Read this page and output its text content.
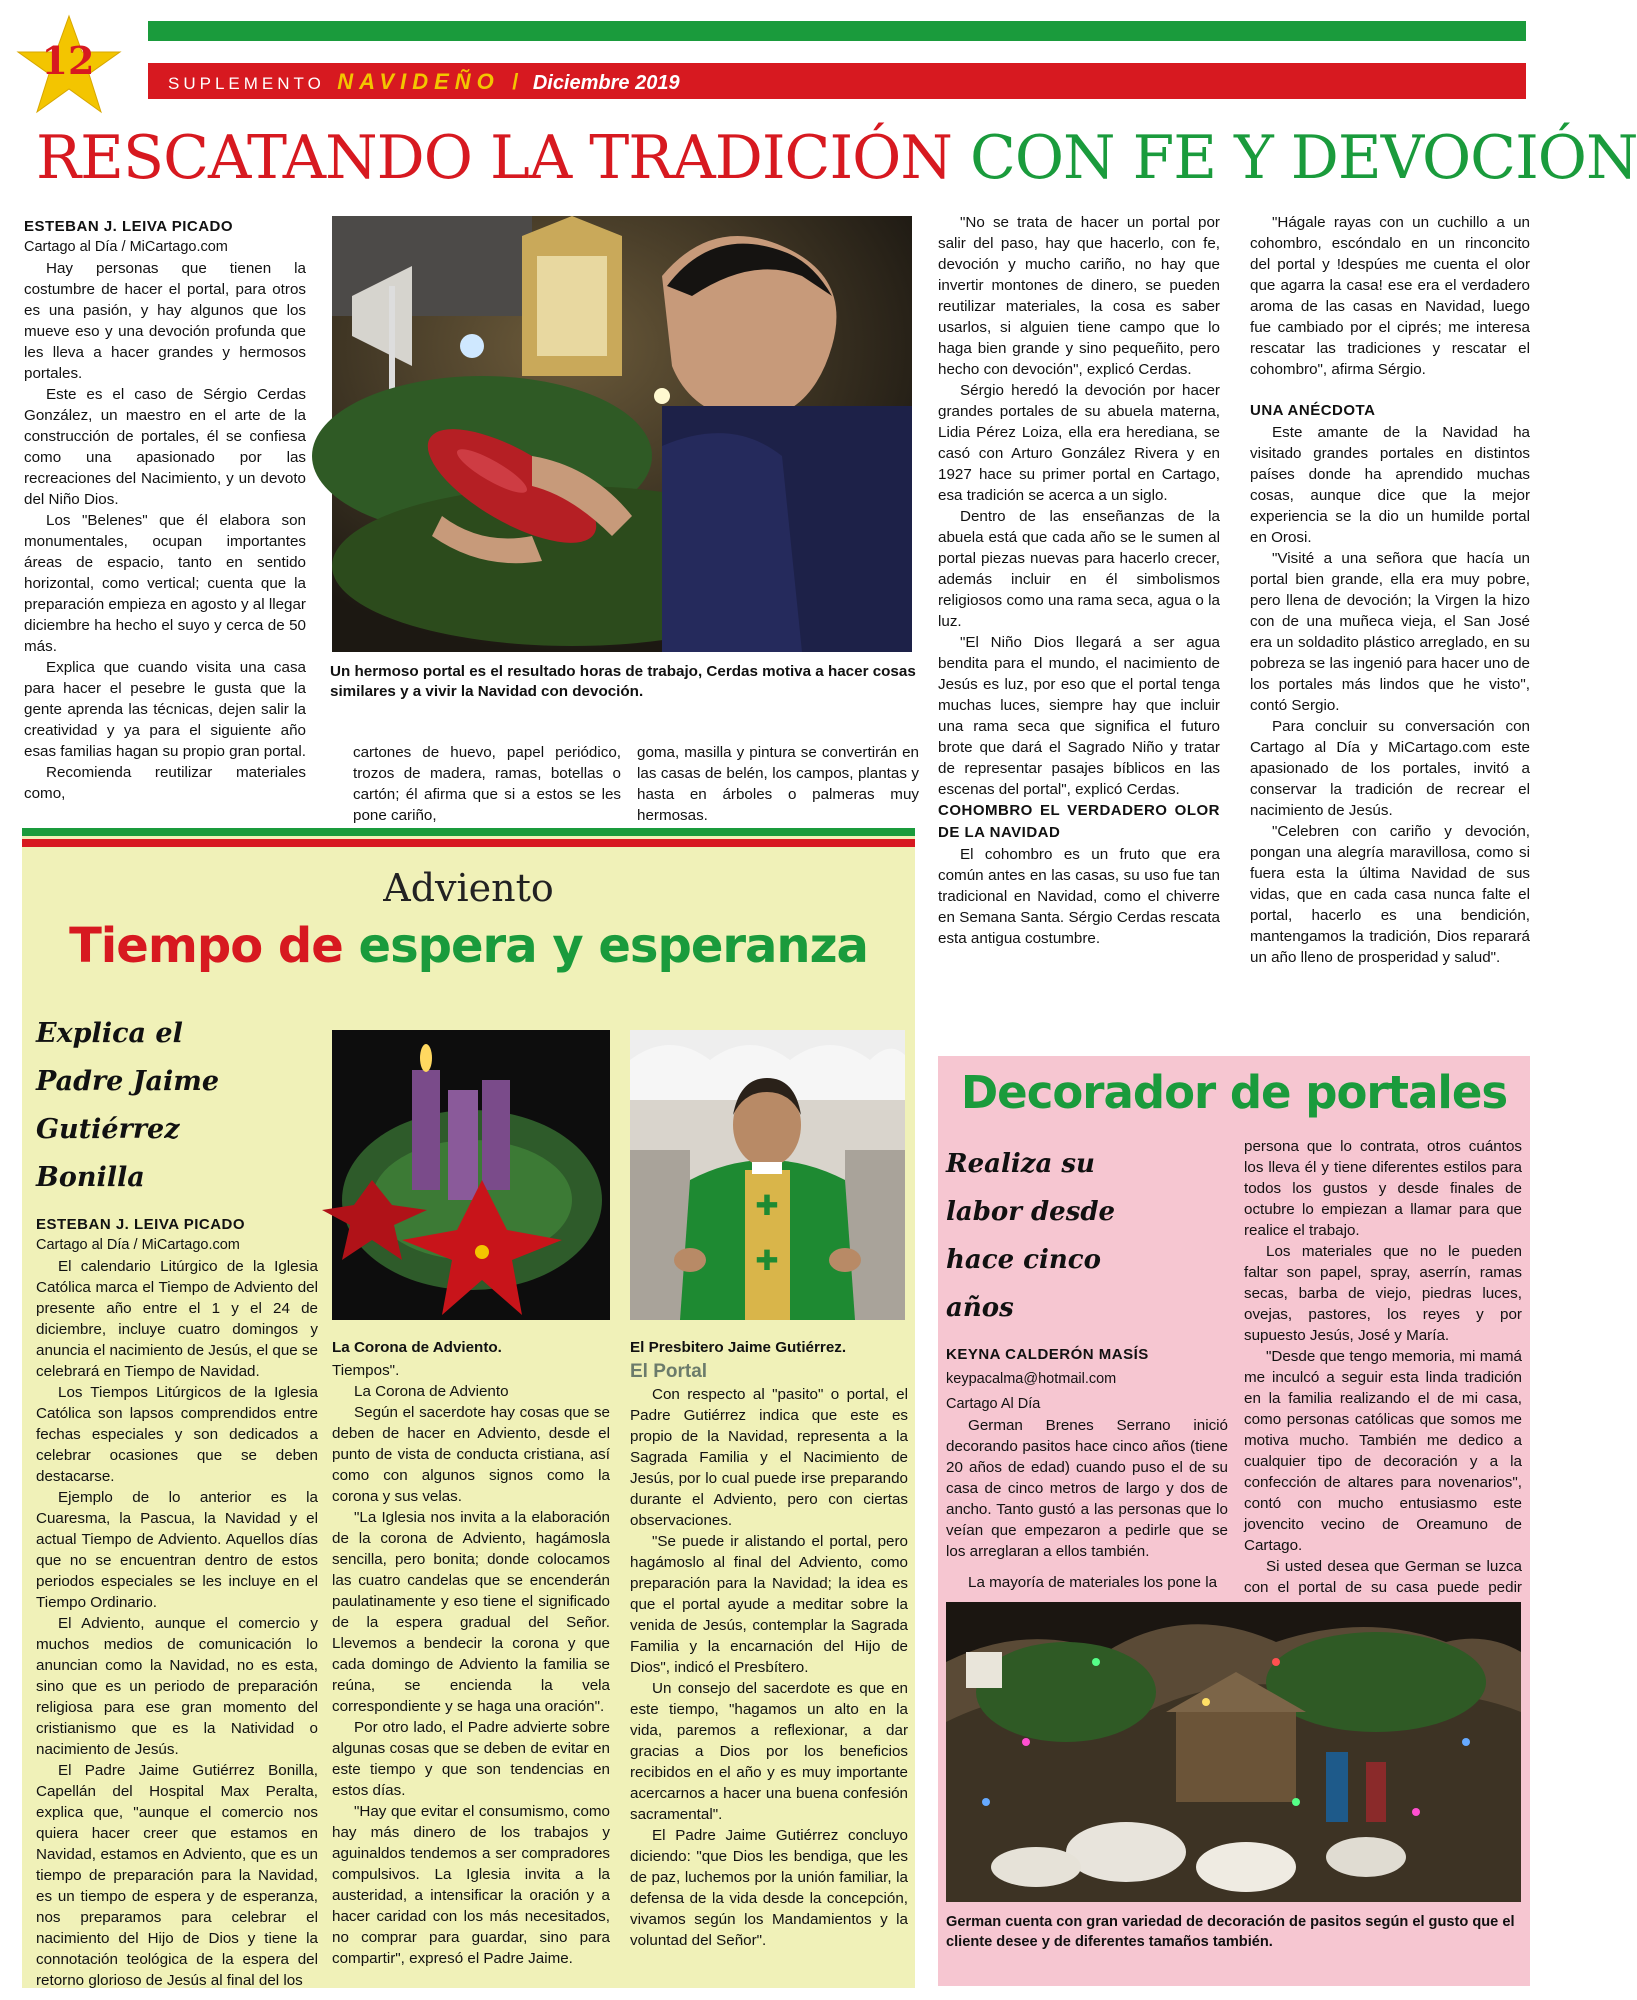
12
SUPLEMENTO NAVIDEÑO / Diciembre 2019
RESCATANDO LA TRADICIÓN CON FE Y DEVOCIÓN

ESTEBAN J. LEIVA PICADO

Cartago al Día / MiCartago.com

Hay personas que tienen la costumbre de hacer el portal, para otros es una pasión, y hay algunos que los mueve eso y una devoción profunda que les lleva a hacer grandes y hermosos portales.

Este es el caso de Sérgio Cerdas González, un maestro en el arte de la construcción de portales, él se confiesa como una apasionado por las recreaciones del Nacimiento, y un devoto del Niño Dios.

Los "Belenes" que él elabora son monumentales, ocupan importantes áreas de espacio, tanto en sentido horizontal, como vertical; cuenta que la preparación empieza en agosto y al llegar diciembre ha hecho el suyo y cerca de 50 más.

Explica que cuando visita una casa para hacer el pesebre le gusta que la gente aprenda las técnicas, dejen salir la creatividad y ya para el siguiente año esas familias hagan su propio gran portal.

Recomienda reutilizar materiales como,

Un hermoso portal es el resultado horas de trabajo, Cerdas motiva a hacer cosas similares y a vivir la Navidad con devoción.

cartones de huevo, papel periódico, trozos de madera, ramas, botellas o cartón; él afirma que si a estos se les pone cariño,

goma, masilla y pintura se convertirán en las casas de belén, los campos, plantas y hasta en árboles o palmeras muy hermosas.

"No se trata de hacer un portal por salir del paso, hay que hacerlo, con fe, devoción y mucho cariño, no hay que invertir montones de dinero, se pueden reutilizar materiales, la cosa es saber usarlos, si alguien tiene campo que lo haga bien grande y sino pequeñito, pero hecho con devoción", explicó Cerdas.

Sérgio heredó la devoción por hacer grandes portales de su abuela materna, Lidia Pérez Loiza, ella era herediana, se casó con Arturo González Rivera y en 1927 hace su primer portal en Cartago, esa tradición se acerca a un siglo.

Dentro de las enseñanzas de la abuela está que cada año se le sumen al portal piezas nuevas para hacerlo crecer, además incluir en él simbolismos religiosos como una rama seca, agua o la luz.

"El Niño Dios llegará a ser agua bendita para el mundo, el nacimiento de Jesús es luz, por eso que el portal tenga muchas luces, siempre hay que incluir una rama seca que significa el futuro brote que dará el Sagrado Niño y tratar de representar pasajes bíblicos en las escenas del portal", explicó Cerdas.

COHOMBRO EL VERDADERO OLOR DE LA NAVIDAD

El cohombro es un fruto que era común antes en las casas, su uso fue tan tradicional en Navidad, como el chiverre en Semana Santa. Sérgio Cerdas rescata esta antigua costumbre.

"Hágale rayas con un cuchillo a un cohombro, escóndalo en un rinconcito del portal y !despúes me cuenta el olor que agarra la casa! ese era el verdadero aroma de las casas en Navidad, luego fue cambiado por el ciprés; me interesa rescatar las tradiciones y rescatar el cohombro", afirma Sérgio.

UNA ANÉCDOTA

Este amante de la Navidad ha visitado grandes portales en distintos países donde ha aprendido muchas cosas, aunque dice que la mejor experiencia se la dio un humilde portal en Orosi.

"Visité a una señora que hacía un portal bien grande, ella era muy pobre, pero llena de devoción; la Virgen la hizo con de una muñeca vieja, el San José era un soldadito plástico arreglado, en su pobreza se las ingenió para hacer uno de los portales más lindos que he visto", contó Sergio.

Para concluir su conversación con Cartago al Día y MiCartago.com este apasionado de los portales, invitó a conservar la tradición de recrear el nacimiento de Jesús.

"Celebren con cariño y devoción, pongan una alegría maravillosa, como si fuera esta la última Navidad de sus vidas, que en cada casa nunca falte el portal, hacerlo es una bendición, mantengamos la tradición, Dios reparará un año lleno de prosperidad y salud".

Adviento
Tiempo de espera y esperanza

Explica el Padre Jaime Gutiérrez Bonilla

ESTEBAN J. LEIVA PICADO

Cartago al Día / MiCartago.com

El calendario Litúrgico de la Iglesia Católica marca el Tiempo de Adviento del presente año entre el 1 y el 24 de diciembre, incluye cuatro domingos y anuncia el nacimiento de Jesús, el que se celebrará en Tiempo de Navidad.

Los Tiempos Litúrgicos de la Iglesia Católica son lapsos comprendidos entre fechas especiales y son dedicados a celebrar ocasiones que se deben destacarse.

Ejemplo de lo anterior es la Cuaresma, la Pascua, la Navidad y el actual Tiempo de Adviento. Aquellos días que no se encuentran dentro de estos periodos especiales se les incluye en el Tiempo Ordinario.

El Adviento, aunque el comercio y muchos medios de comunicación lo anuncian como la Navidad, no es esta, sino que es un periodo de preparación religiosa para ese gran momento del cristianismo que es la Natividad o nacimiento de Jesús.

El Padre Jaime Gutiérrez Bonilla, Capellán del Hospital Max Peralta, explica que, "aunque el comercio nos quiera hacer creer que estamos en Navidad, estamos en Adviento, que es un tiempo de preparación para la Navidad, es un tiempo de espera y de esperanza, nos preparamos para celebrar el nacimiento del Hijo de Dios y tiene la connotación teológica de la espera del retorno glorioso de Jesús al final del los

La Corona de Adviento.

Tiempos".

La Corona de Adviento

Según el sacerdote hay cosas que se deben de hacer en Adviento, desde el punto de vista de conducta cristiana, así como con algunos signos como la corona y sus velas.

"La Iglesia nos invita a la elaboración de la corona de Adviento, hagámosla sencilla, pero bonita; donde colocamos las cuatro candelas que se encenderán paulatinamente y eso tiene el significado de la espera gradual del Señor. Llevemos a bendecir la corona y que cada domingo de Adviento la familia se reúna, se encienda la vela correspondiente y se haga una oración".

Por otro lado, el Padre advierte sobre algunas cosas que se deben de evitar en este tiempo y que son tendencias en estos días.

"Hay que evitar el consumismo, como hay más dinero de los trabajos y aguinaldos tendemos a ser compradores compulsivos. La Iglesia invita a la austeridad, a intensificar la oración y a hacer caridad con los más necesitados, no comprar para guardar, sino para compartir", expresó el Padre Jaime.

✚
✚
El Presbitero Jaime Gutiérrez.

El Portal

Con respecto al "pasito" o portal, el Padre Gutiérrez indica que este es propio de la Navidad, representa a la Sagrada Familia y el Nacimiento de Jesús, por lo cual puede irse preparando durante el Adviento, pero con ciertas observaciones.

"Se puede ir alistando el portal, pero hagámoslo al final del Adviento, como preparación para la Navidad; la idea es que el portal ayude a meditar sobre la venida de Jesús, contemplar la Sagrada Familia y la encarnación del Hijo de Dios", indicó el Presbítero.

Un consejo del sacerdote es que en este tiempo, "hagamos un alto en la vida, paremos a reflexionar, a dar gracias a Dios por los beneficios recibidos en el año y es muy importante acercarnos a hacer una buena confesión sacramental".

El Padre Jaime Gutiérrez concluyo diciendo: "que Dios les bendiga, que les de paz, luchemos por la unión familiar, la defensa de la vida desde la concepción, vivamos según los Mandamientos y la voluntad del Señor".

Decorador de portales

Realiza su labor desde hace cinco años

KEYNA CALDERÓN MASÍS

keypacalma@hotmail.com

Cartago Al Día

German Brenes Serrano inició decorando pasitos hace cinco años (tiene 20 años de edad) cuando puso el de su casa de cinco metros de largo y dos de ancho. Tanto gustó a las personas que lo veían que empezaron a pedirle que se los arreglaran a ellos también.

La mayoría de materiales los pone la

persona que lo contrata, otros cuántos los lleva él y tiene diferentes estilos para todos los gustos y desde finales de octubre lo empiezan a llamar para que realice el trabajo.

Los materiales que no le pueden faltar son papel, spray, aserrín, ramas secas, barba de viejo, piedras luces, ovejas, pastores, los reyes y por supuesto Jesús, José y María.

"Desde que tengo memoria, mi mamá me inculcó a seguir esta linda tradición en la familia realizando el de mi casa, como personas católicas que somos me motiva mucho. También me dedico a cualquier tipo de decoración y a la confección de altares para novenarios", contó con mucho entusiasmo este jovencito vecino de Oreamuno de Cartago.

Si usted desea que German se luzca con el portal de su casa puede pedir

German cuenta con gran variedad de decoración de pasitos según el gusto que el cliente desee y de diferentes tamaños también.
